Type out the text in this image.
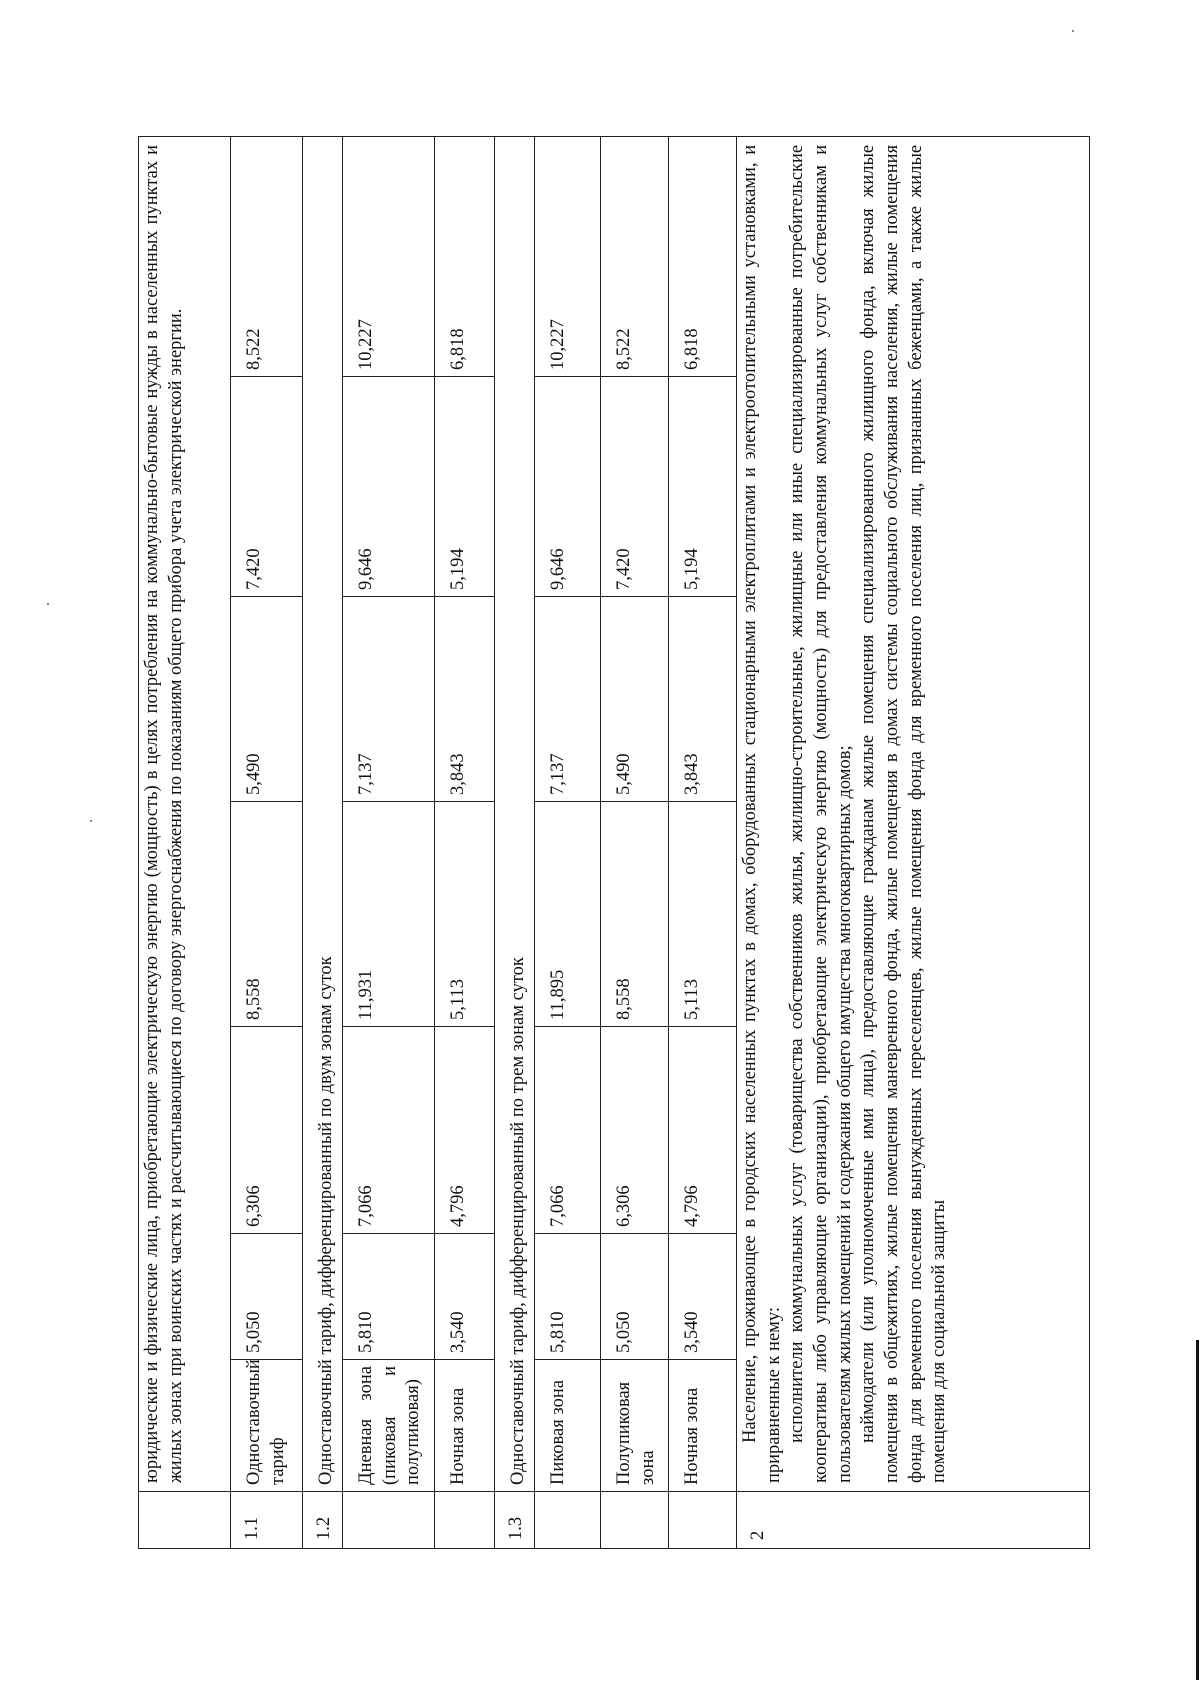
	юридические и физические лица, приобретающие электрическую энергию (мощность) в целях потребления на коммунально-бытовые нужды в населенных пунктах и жилых зонах при воинских частях и рассчитывающиеся по договору энергоснабжения по показаниям общего прибора учета электрической энергии.						
1.1	Одноставочный тариф	5,050	6,306	8,558	5,490	7,420	8,522
1.2	Одноставочный тариф, дифференцированный по двум зонам суток						
	Дневная зона (пиковая и полупиковая)	5,810	7,066	11,931	7,137	9,646	10,227
	Ночная зона	3,540	4,796	5,113	3,843	5,194	6,818
1.3	Одноставочный тариф, дифференцированный по трем зонам суток						
	Пиковая зона	5,810	7,066	11,895	7,137	9,646	10,227
	Полупиковая зона	5,050	6,306	8,558	5,490	7,420	8,522
	Ночная зона	3,540	4,796	5,113	3,843	5,194	6,818
2	Население, проживающее в городских населенных пунктах в домах, оборудованных стационарными электроплитами и электроотопительными установками, и приравненные к нему: исполнители коммунальных услуг (товарищества собственников жилья, жилищно-строительные, жилищные или иные специализированные потребительские кооперативы либо управляющие организации), приобретающие электрическую энергию (мощность) для предоставления коммунальных услуг собственникам и пользователям жилых помещений и содержания общего имущества многоквартирных домов; наймодатели (или уполномоченные ими лица), предоставляющие гражданам жилые помещения специализированного жилищного фонда, включая жилые помещения в общежитиях, жилые помещения маневренного фонда, жилые помещения в домах системы социального обслуживания населения, жилые помещения фонда для временного поселения вынужденных переселенцев, жилые помещения фонда для временного поселения лиц, признанных беженцами, а также жилые помещения для социальной защиты						
